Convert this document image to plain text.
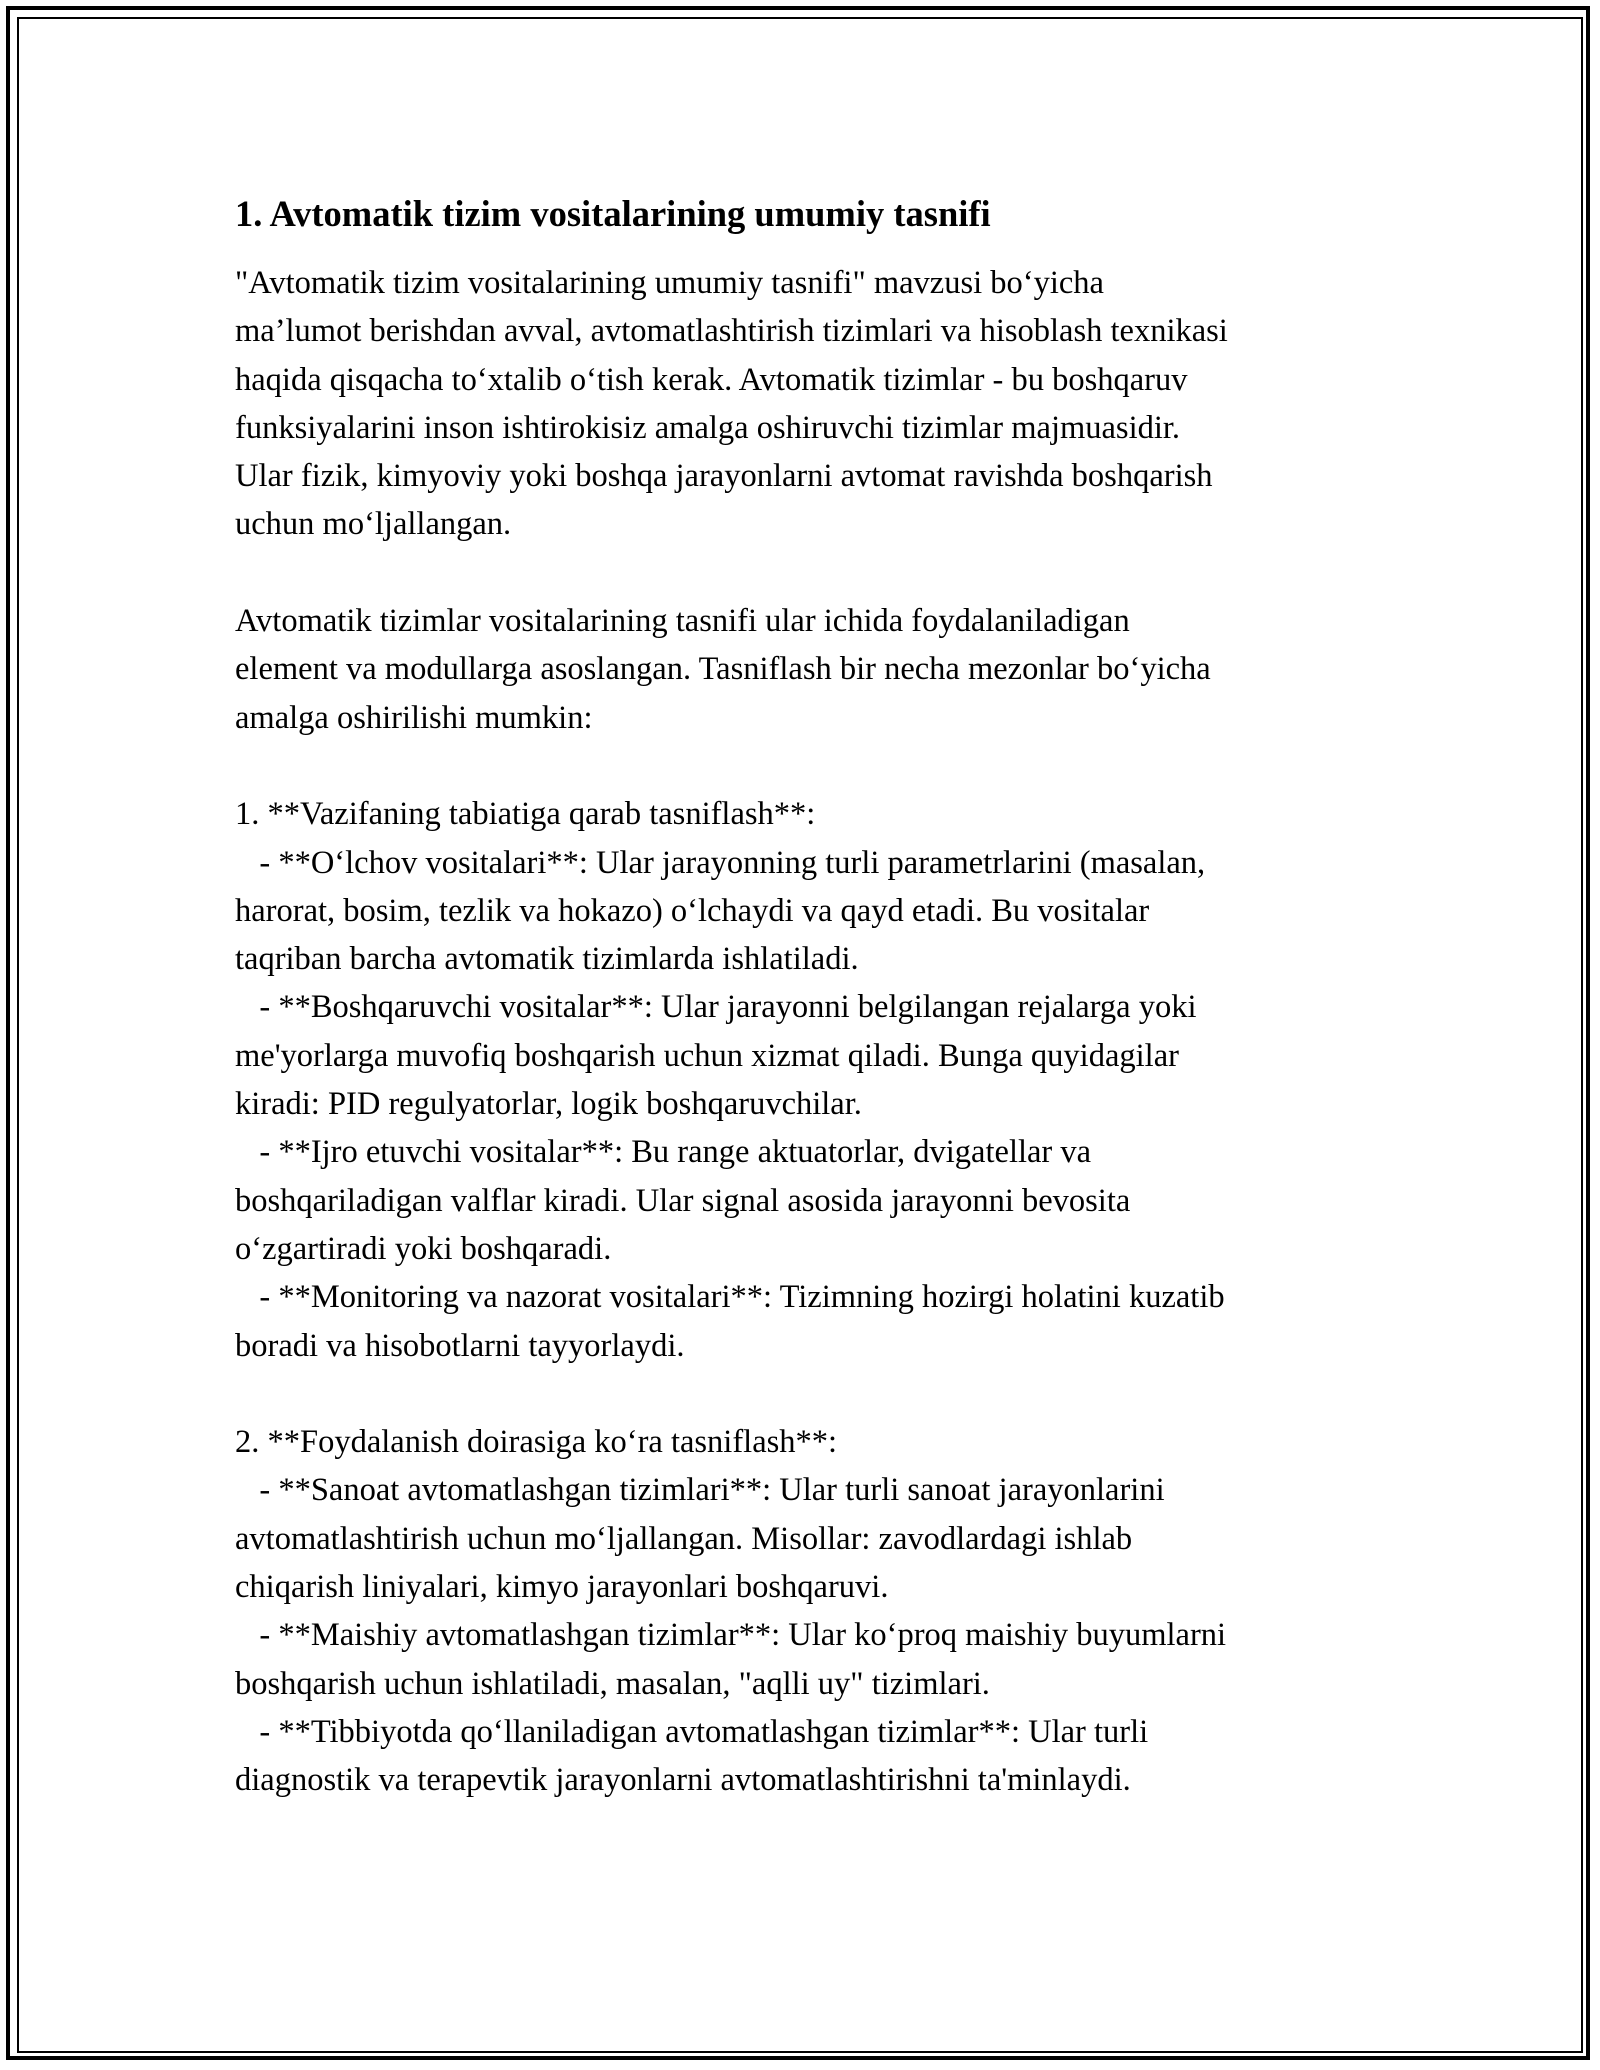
1. Avtomatik tizim vositalarining umumiy tasnifi
"Avtomatik tizim vositalarining umumiy tasnifi" mavzusi bo‘yicha
ma’lumot berishdan avval, avtomatlashtirish tizimlari va hisoblash texnikasi
haqida qisqacha to‘xtalib o‘tish kerak. Avtomatik tizimlar - bu boshqaruv
funksiyalarini inson ishtirokisiz amalga oshiruvchi tizimlar majmuasidir.
Ular fizik, kimyoviy yoki boshqa jarayonlarni avtomat ravishda boshqarish
uchun mo‘ljallangan.
Avtomatik tizimlar vositalarining tasnifi ular ichida foydalaniladigan
element va modullarga asoslangan. Tasniflash bir necha mezonlar bo‘yicha
amalga oshirilishi mumkin:
1. **Vazifaning tabiatiga qarab tasniflash**:
- **O‘lchov vositalari**: Ular jarayonning turli parametrlarini (masalan,
harorat, bosim, tezlik va hokazo) o‘lchaydi va qayd etadi. Bu vositalar
taqriban barcha avtomatik tizimlarda ishlatiladi.
- **Boshqaruvchi vositalar**: Ular jarayonni belgilangan rejalarga yoki
me'yorlarga muvofiq boshqarish uchun xizmat qiladi. Bunga quyidagilar
kiradi: PID regulyatorlar, logik boshqaruvchilar.
- **Ijro etuvchi vositalar**: Bu range aktuatorlar, dvigatellar va
boshqariladigan valflar kiradi. Ular signal asosida jarayonni bevosita
o‘zgartiradi yoki boshqaradi.
- **Monitoring va nazorat vositalari**: Tizimning hozirgi holatini kuzatib
boradi va hisobotlarni tayyorlaydi.
2. **Foydalanish doirasiga ko‘ra tasniflash**:
- **Sanoat avtomatlashgan tizimlari**: Ular turli sanoat jarayonlarini
avtomatlashtirish uchun mo‘ljallangan. Misollar: zavodlardagi ishlab
chiqarish liniyalari, kimyo jarayonlari boshqaruvi.
- **Maishiy avtomatlashgan tizimlar**: Ular ko‘proq maishiy buyumlarni
boshqarish uchun ishlatiladi, masalan, "aqlli uy" tizimlari.
- **Tibbiyotda qo‘llaniladigan avtomatlashgan tizimlar**: Ular turli
diagnostik va terapevtik jarayonlarni avtomatlashtirishni ta'minlaydi.
